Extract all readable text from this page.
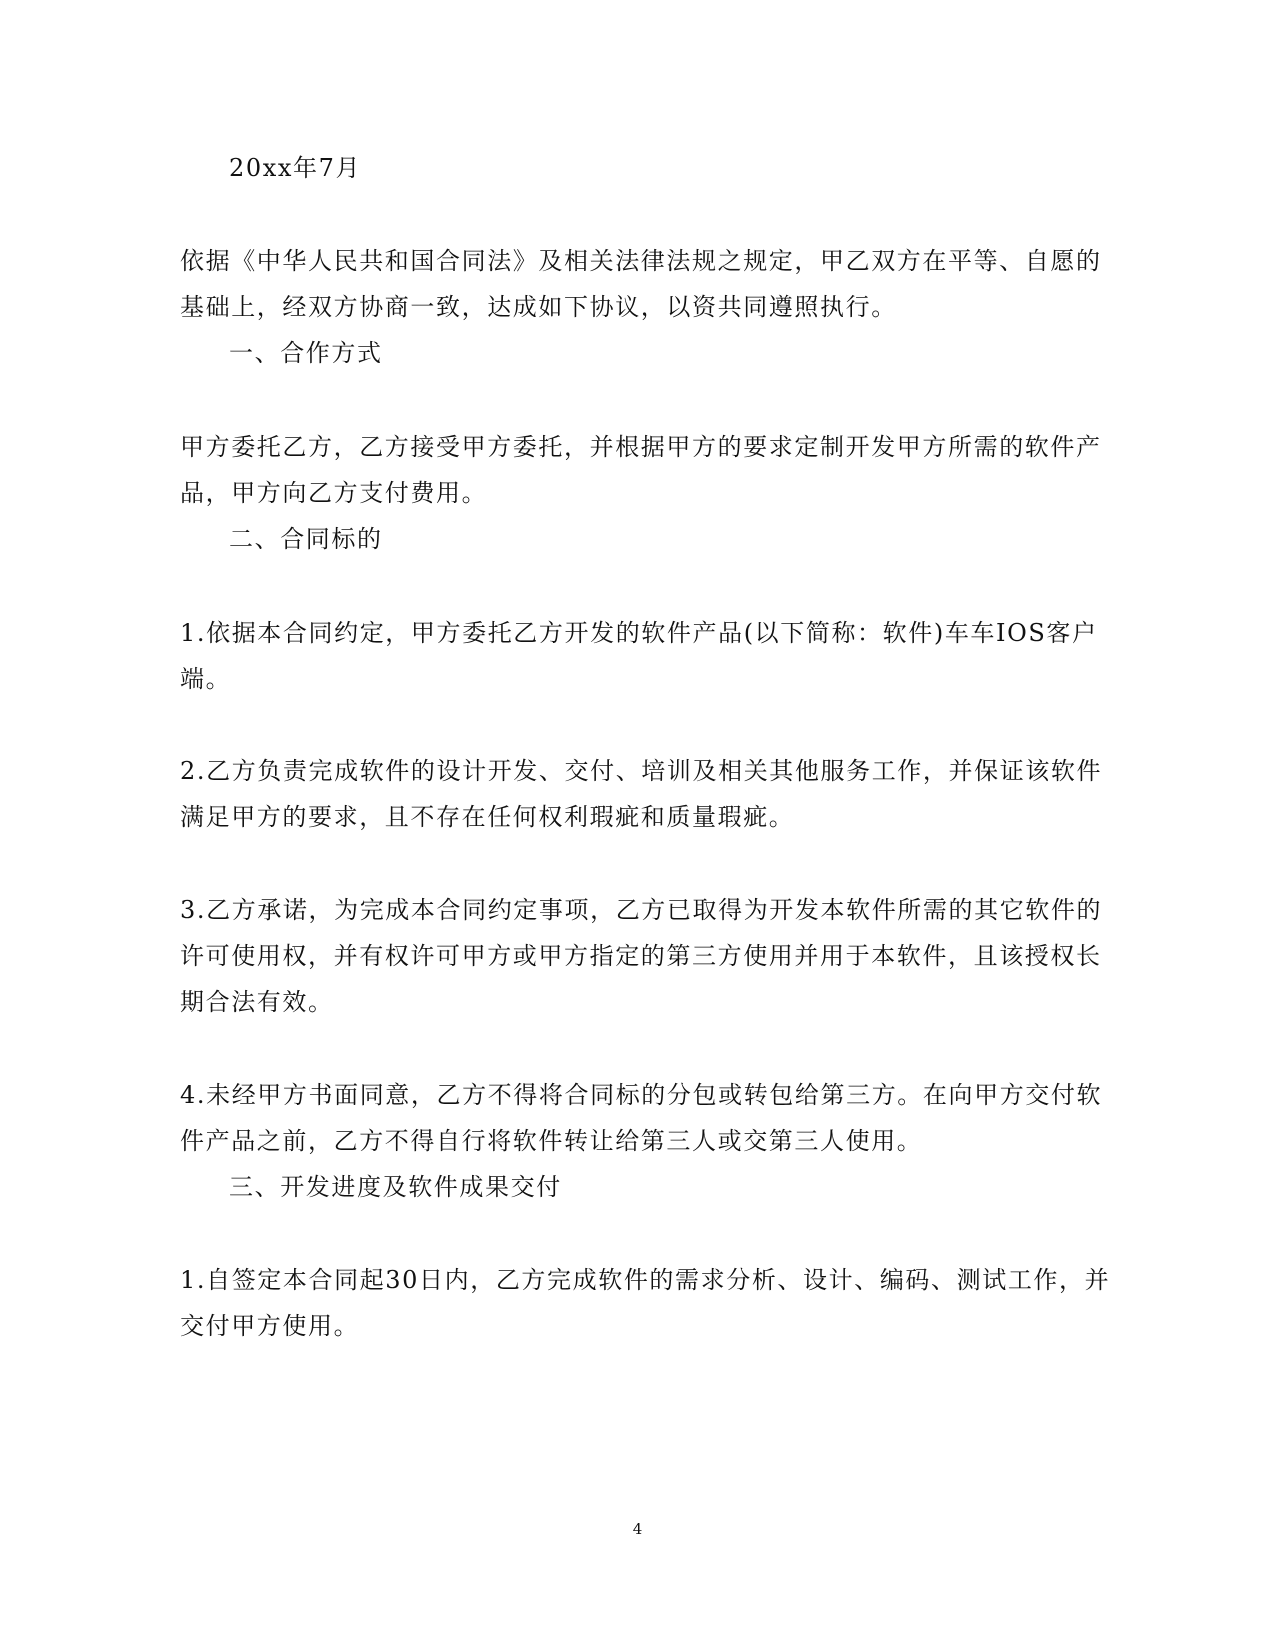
20xx年7月
依据《中华人民共和国合同法》及相关法律法规之规定，甲乙双方在平等、自愿的
基础上，经双方协商一致，达成如下协议，以资共同遵照执行。
一、合作方式
甲方委托乙方，乙方接受甲方委托，并根据甲方的要求定制开发甲方所需的软件产
品，甲方向乙方支付费用。
二、合同标的
1.依据本合同约定，甲方委托乙方开发的软件产品(以下简称：软件)车车IOS客户
端。
2.乙方负责完成软件的设计开发、交付、培训及相关其他服务工作，并保证该软件
满足甲方的要求，且不存在任何权利瑕疵和质量瑕疵。
3.乙方承诺，为完成本合同约定事项，乙方已取得为开发本软件所需的其它软件的
许可使用权，并有权许可甲方或甲方指定的第三方使用并用于本软件，且该授权长
期合法有效。
4.未经甲方书面同意，乙方不得将合同标的分包或转包给第三方。在向甲方交付软
件产品之前，乙方不得自行将软件转让给第三人或交第三人使用。
三、开发进度及软件成果交付
1.自签定本合同起30日内，乙方完成软件的需求分析、设计、编码、测试工作，并
交付甲方使用。
4
